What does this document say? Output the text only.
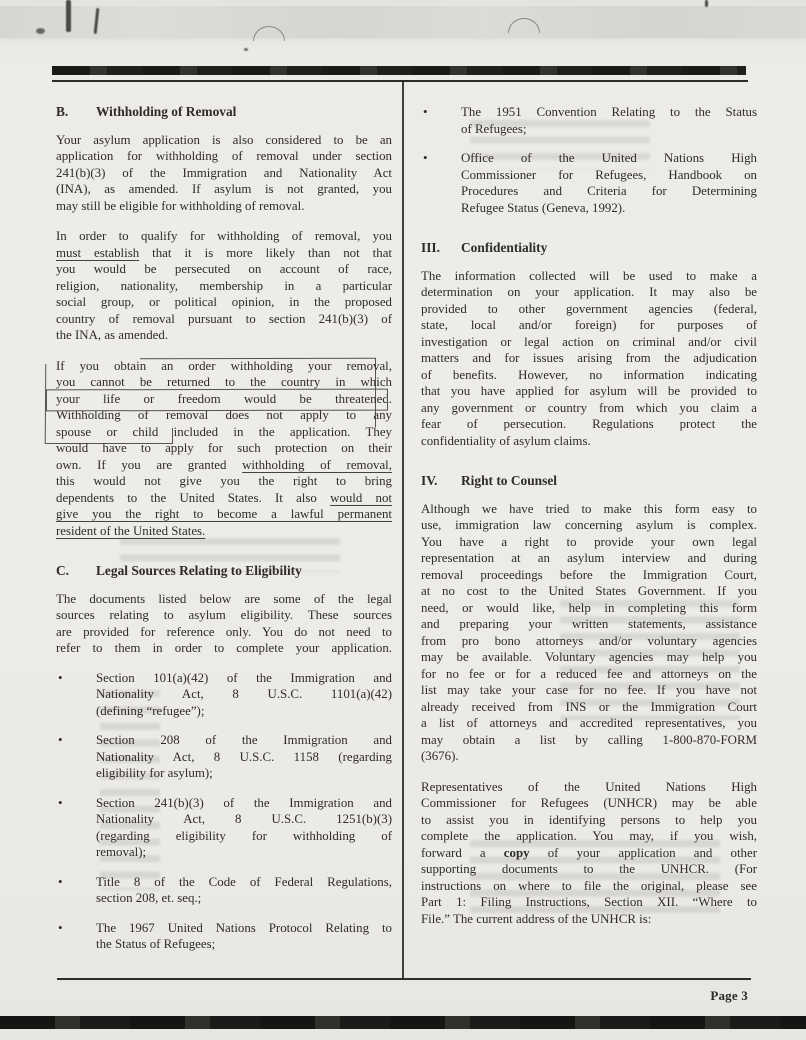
Page 3
B. Withholding of Removal
Your asylum application is also considered to be an
application for withholding of removal under section
241(b)(3) of the Immigration and Nationality Act
(INA), as amended. If asylum is not granted, you
may still be eligible for withholding of removal.
In order to qualify for withholding of removal, you
must establish that it is more likely than not that
you would be persecuted on account of race,
religion, nationality, membership in a particular
social group, or political opinion, in the proposed
country of removal pursuant to section 241(b)(3) of
the INA, as amended.
If you obtain an order withholding your removal,
you cannot be returned to the country in which
your life or freedom would be threatened.
Withholding of removal does not apply to any
spouse or child included in the application. They
would have to apply for such protection on their
own. If you are granted withholding of removal,
this would not give you the right to bring
dependents to the United States. It also would not
give you the right to become a lawful permanent
resident of the United States.
C. Legal Sources Relating to Eligibility
The documents listed below are some of the legal
sources relating to asylum eligibility. These sources
are provided for reference only. You do not need to
refer to them in order to complete your application.
•	Section 101(a)(42) of the Immigration and
Nationality Act, 8 U.S.C. 1101(a)(42)
(defining “refugee”);
•	Section 208 of the Immigration and
Nationality Act, 8 U.S.C. 1158 (regarding
eligibility for asylum);
•	Section 241(b)(3) of the Immigration and
Nationality Act, 8 U.S.C. 1251(b)(3)
(regarding eligibility for withholding of
removal);
•	Title 8 of the Code of Federal Regulations,
section 208, et. seq.;
•	The 1967 United Nations Protocol Relating to
the Status of Refugees;
•	The 1951 Convention Relating to the Status
of Refugees;
•	Office of the United Nations High
Commissioner for Refugees, Handbook on
Procedures and Criteria for Determining
Refugee Status (Geneva, 1992).
III. Confidentiality
The information collected will be used to make a
determination on your application. It may also be
provided to other government agencies (federal,
state, local and/or foreign) for purposes of
investigation or legal action on criminal and/or civil
matters and for issues arising from the adjudication
of benefits. However, no information indicating
that you have applied for asylum will be provided to
any government or country from which you claim a
fear of persecution. Regulations protect the
confidentiality of asylum claims.
IV. Right to Counsel
Although we have tried to make this form easy to
use, immigration law concerning asylum is complex.
You have a right to provide your own legal
representation at an asylum interview and during
removal proceedings before the Immigration Court,
at no cost to the United States Government. If you
need, or would like, help in completing this form
and preparing your written statements, assistance
from pro bono attorneys and/or voluntary agencies
may be available. Voluntary agencies may help you
for no fee or for a reduced fee and attorneys on the
list may take your case for no fee. If you have not
already received from INS or the Immigration Court
a list of attorneys and accredited representatives, you
may obtain a list by calling 1-800-870-FORM
(3676).
Representatives of the United Nations High
Commissioner for Refugees (UNHCR) may be able
to assist you in identifying persons to help you
complete the application. You may, if you wish,
forward a copy of your application and other
supporting documents to the UNHCR. (For
instructions on where to file the original, please see
Part 1: Filing Instructions, Section XII. “Where to
File.” The current address of the UNHCR is:
